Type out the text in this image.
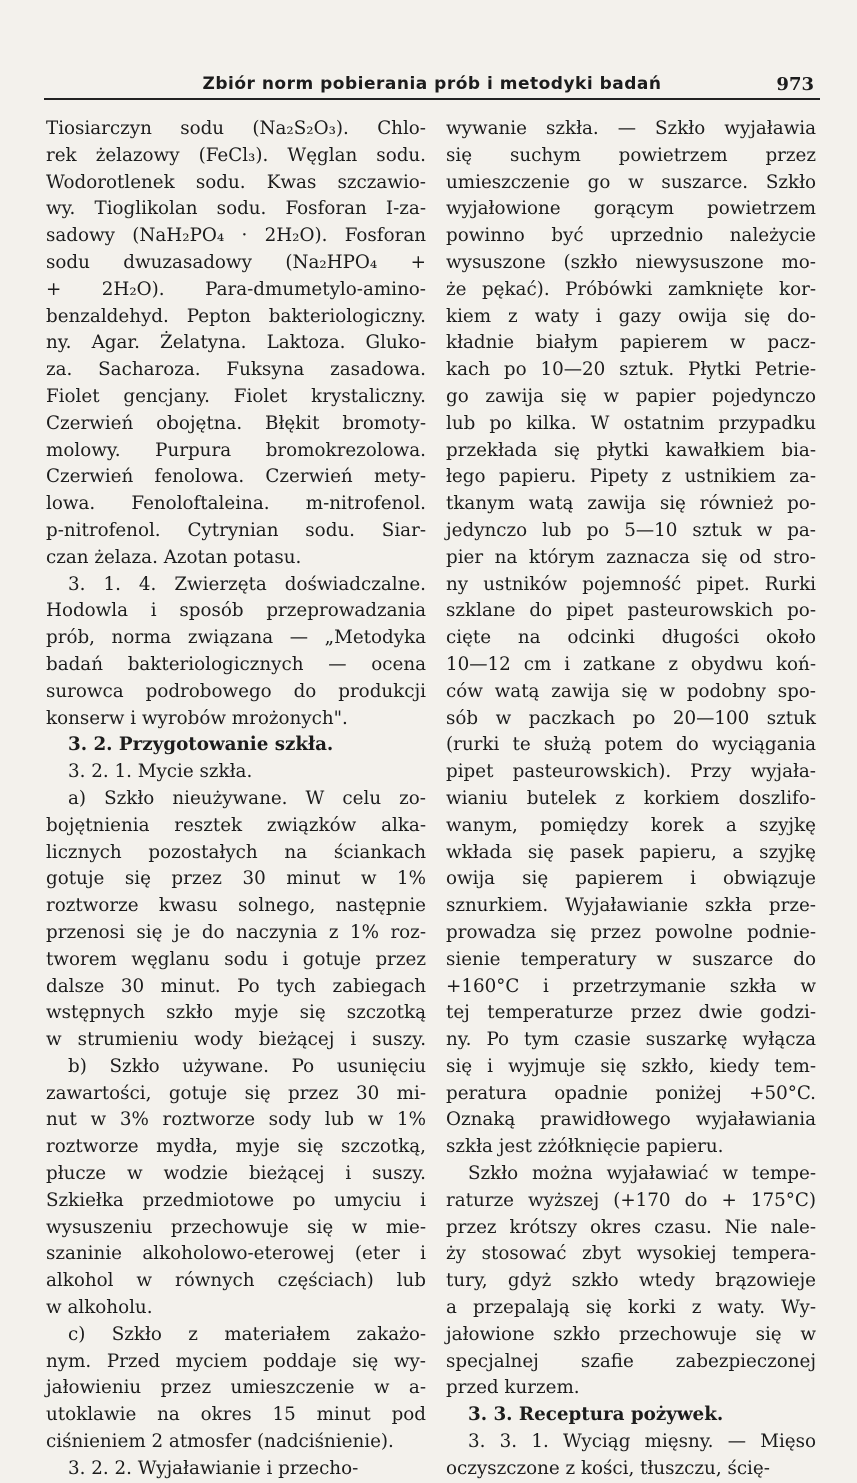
Zbiór norm pobierania prób i metodyki badań	973
Tiosiarczyn sodu (Na₂S₂O₃). Chlo-
rek żelazowy (FeCl₃). Węglan sodu.
Wodorotlenek sodu. Kwas szczawio-
wy. Tioglikolan sodu. Fosforan I-za-
sadowy (NaH₂PO₄ · 2H₂O). Fosforan
sodu dwuzasadowy (Na₂HPO₄ +
+ 2H₂O). Para-dmumetylo-amino-
benzaldehyd. Pepton bakteriologiczny.
ny. Agar. Żelatyna. Laktoza. Gluko-
za. Sacharoza. Fuksyna zasadowa.
Fiolet gencjany. Fiolet krystaliczny.
Czerwień obojętna. Błękit bromoty-
molowy. Purpura bromokrezolowa.
Czerwień fenolowa. Czerwień mety-
lowa. Fenoloftaleina. m-nitrofenol.
p-nitrofenol. Cytrynian sodu. Siar-
czan żelaza. Azotan potasu.
3. 1. 4. Zwierzęta doświadczalne.
Hodowla i sposób przeprowadzania
prób, norma związana — „Metodyka
badań bakteriologicznych — ocena
surowca podrobowego do produkcji
konserw i wyrobów mrożonych".
3. 2. Przygotowanie szkła.
3. 2. 1. Mycie szkła.
a) Szkło nieużywane. W celu zo-
bojętnienia resztek związków alka-
licznych pozostałych na ściankach
gotuje się przez 30 minut w 1%
roztworze kwasu solnego, następnie
przenosi się je do naczynia z 1% roz-
tworem węglanu sodu i gotuje przez
dalsze 30 minut. Po tych zabiegach
wstępnych szkło myje się szczotką
w strumieniu wody bieżącej i suszy.
b) Szkło używane. Po usunięciu
zawartości, gotuje się przez 30 mi-
nut w 3% roztworze sody lub w 1%
roztworze mydła, myje się szczotką,
płucze w wodzie bieżącej i suszy.
Szkiełka przedmiotowe po umyciu i
wysuszeniu przechowuje się w mie-
szaninie alkoholowo-eterowej (eter i
alkohol w równych częściach) lub
w alkoholu.
c) Szkło z materiałem zakażo-
nym. Przed myciem poddaje się wy-
jałowieniu przez umieszczenie w a-
utoklawie na okres 15 minut pod
ciśnieniem 2 atmosfer (nadciśnienie).
3. 2. 2. Wyjaławianie i przecho-
wywanie szkła. — Szkło wyjaławia
się suchym powietrzem przez
umieszczenie go w suszarce. Szkło
wyjałowione gorącym powietrzem
powinno być uprzednio należycie
wysuszone (szkło niewysuszone mo-
że pękać). Próbówki zamknięte kor-
kiem z waty i gazy owija się do-
kładnie białym papierem w pacz-
kach po 10—20 sztuk. Płytki Petrie-
go zawija się w papier pojedynczo
lub po kilka. W ostatnim przypadku
przekłada się płytki kawałkiem bia-
łego papieru. Pipety z ustnikiem za-
tkanym watą zawija się również po-
jedynczo lub po 5—10 sztuk w pa-
pier na którym zaznacza się od stro-
ny ustników pojemność pipet. Rurki
szklane do pipet pasteurowskich po-
cięte na odcinki długości około
10—12 cm i zatkane z obydwu koń-
ców watą zawija się w podobny spo-
sób w paczkach po 20—100 sztuk
(rurki te służą potem do wyciągania
pipet pasteurowskich). Przy wyjała-
wianiu butelek z korkiem doszlifo-
wanym, pomiędzy korek a szyjkę
wkłada się pasek papieru, a szyjkę
owija się papierem i obwiązuje
sznurkiem. Wyjaławianie szkła prze-
prowadza się przez powolne podnie-
sienie temperatury w suszarce do
+160°C i przetrzymanie szkła w
tej temperaturze przez dwie godzi-
ny. Po tym czasie suszarkę wyłącza
się i wyjmuje się szkło, kiedy tem-
peratura opadnie poniżej +50°C.
Oznaką prawidłowego wyjaławiania
szkła jest zżółknięcie papieru.
Szkło można wyjaławiać w tempe-
raturze wyższej (+170 do + 175°C)
przez krótszy okres czasu. Nie nale-
ży stosować zbyt wysokiej tempera-
tury, gdyż szkło wtedy brązowieje
a przepalają się korki z waty. Wy-
jałowione szkło przechowuje się w
specjalnej szafie zabezpieczonej
przed kurzem.
3. 3. Receptura pożywek.
3. 3. 1. Wyciąg mięsny. — Mięso
oczyszczone z kości, tłuszczu, ścię-
